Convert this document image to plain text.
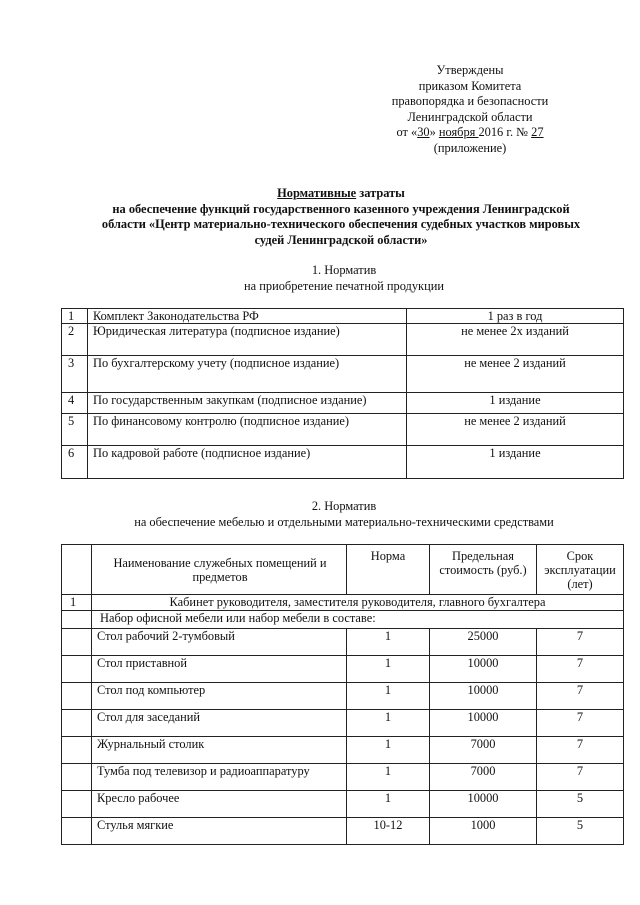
Утверждены
приказом Комитета
правопорядка и безопасности
Ленинградской области
от «30» ноября 2016 г. № 27
(приложение)
Нормативные затраты
на обеспечение функций государственного казенного учреждения Ленинградской
области «Центр материально-технического обеспечения судебных участков мировых
судей Ленинградской области»
1. Норматив
на приобретение печатной продукции
1	Комплект Законодательства РФ	1 раз в год
2	Юридическая литература (подписное издание)	не менее 2х изданий
3	По бухгалтерскому учету (подписное издание)	не менее 2 изданий
4	По государственным закупкам (подписное издание)	1 издание
5	По финансовому контролю (подписное издание)	не менее 2 изданий
6	По кадровой работе (подписное издание)	1 издание
2. Норматив
на обеспечение мебелью и отдельными материально-техническими средствами
	Наименование служебных помещений и предметов	Норма	Предельная стоимость (руб.)	Срок эксплуатации (лет)
1	Кабинет руководителя, заместителя руководителя, главного бухгалтера			
	Набор офисной мебели или набор мебели в составе:			
	Стол рабочий 2-тумбовый	1	25000	7
	Стол приставной	1	10000	7
	Стол под компьютер	1	10000	7
	Стол для заседаний	1	10000	7
	Журнальный столик	1	7000	7
	Тумба под телевизор и радиоаппаратуру	1	7000	7
	Кресло рабочее	1	10000	5
	Стулья мягкие	10-12	1000	5
